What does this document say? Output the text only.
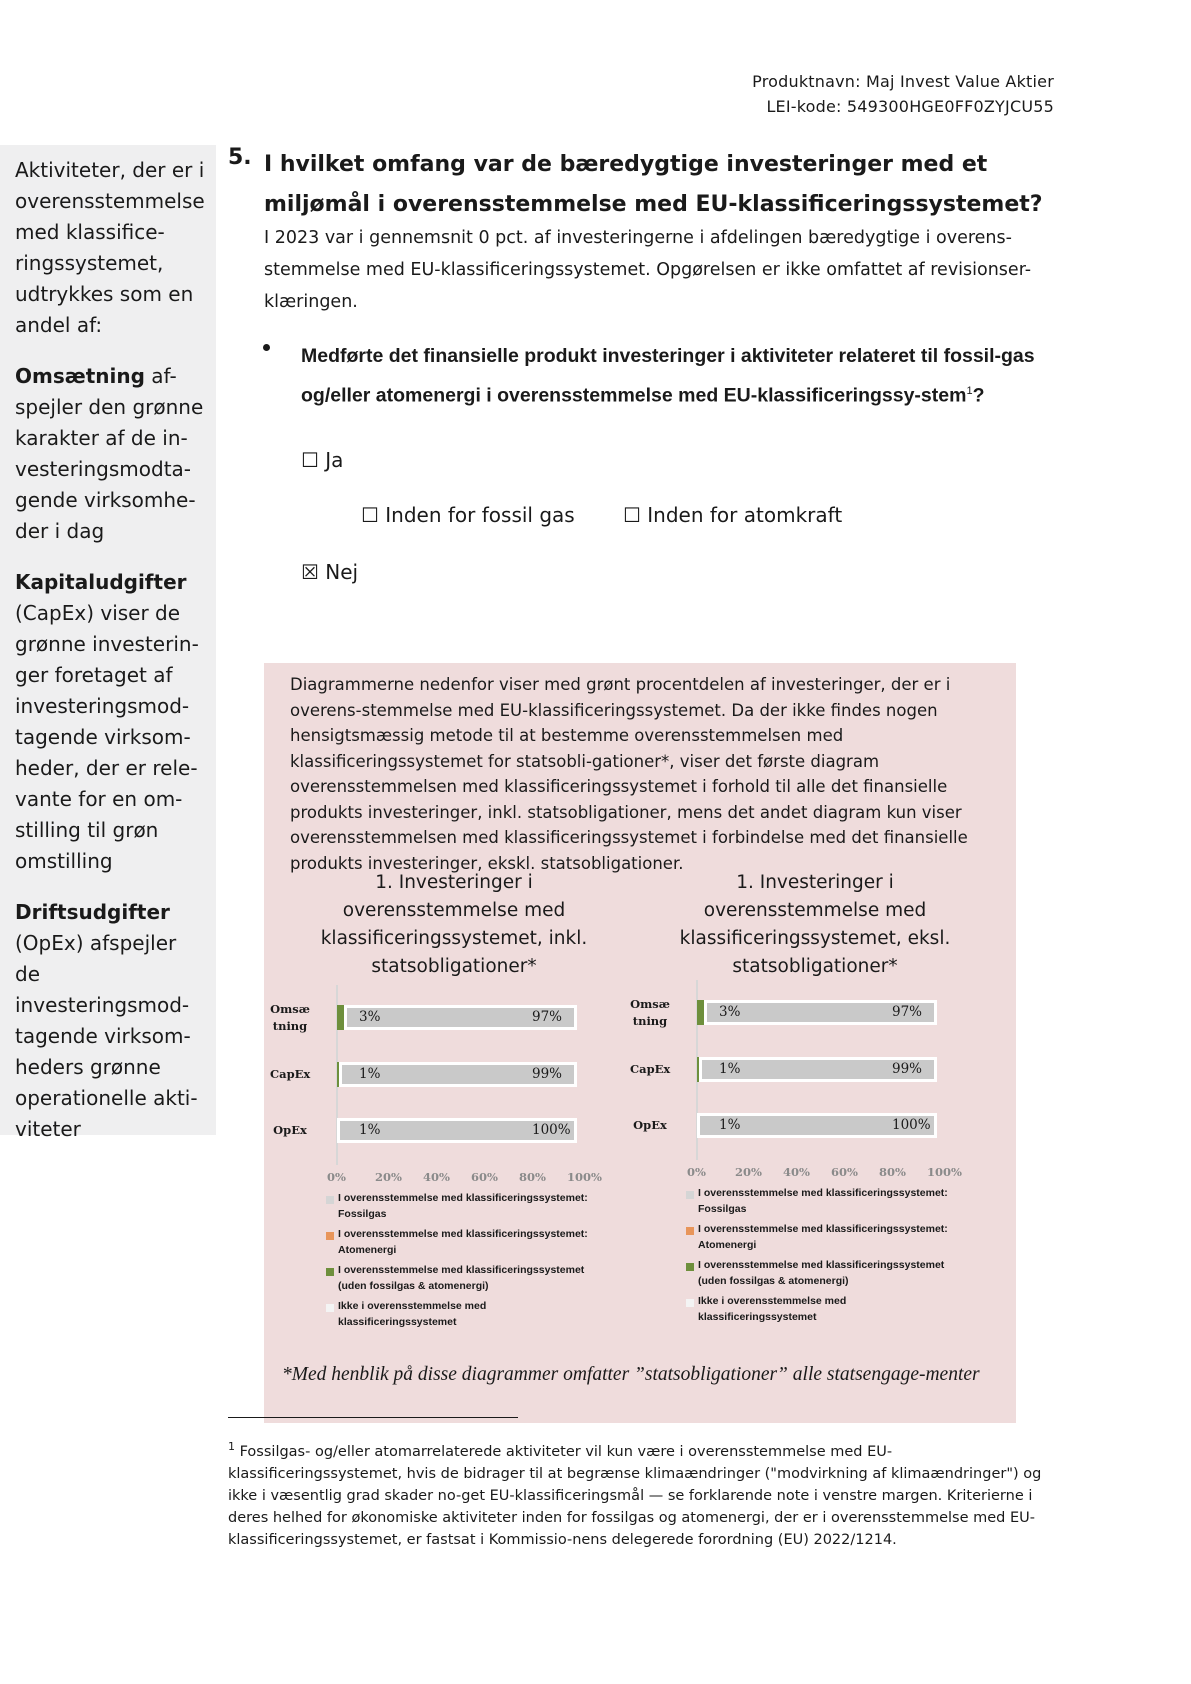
Produktnavn: Maj Invest Value Aktier
LEI-kode: 549300HGE0FF0ZYJCU55

Aktiviteter, der er i overensstemmelse med klassifice-ringssystemet, udtrykkes som en andel af:

Omsætning af-spejler den grønne karakter af de in-vesteringsmodta-gende virksomhe-der i dag

Kapitaludgifter (CapEx) viser de grønne investerin-ger foretaget af investeringsmod-tagende virksom-heder, der er rele-vante for en om-stilling til grøn omstilling

Driftsudgifter (OpEx) afspejler de investeringsmod-tagende virksom-heders grønne operationelle akti-viteter

5. I hvilket omfang var de bæredygtige investeringer med et miljømål i overensstemmelse med EU-klassificeringssystemet?
I 2023 var i gennemsnit 0 pct. af investeringerne i afdelingen bæredygtige i overens-stemmelse med EU-klassificeringssystemet. Opgørelsen er ikke omfattet af revisionser-klæringen.
Medførte det finansielle produkt investeringer i aktiviteter relateret til fossil-gas og/eller atomenergi i overensstemmelse med EU-klassificeringssy-stem$^1$?
☐ Ja
☐ Inden for fossil gas ☐ Inden for atomkraft
☒ Nej
Diagrammerne nedenfor viser med grønt procentdelen af investeringer, der er i overens-stemmelse med EU-klassificeringssystemet. Da der ikke findes nogen hensigtsmæssig metode til at bestemme overensstemmelsen med klassificeringssystemet for statsobli-gationer*, viser det første diagram overensstemmelsen med klassificeringssystemet i forhold til alle det finansielle produkts investeringer, inkl. statsobligationer, mens det andet diagram kun viser overensstemmelsen med klassificeringssystemet i forbindelse med det finansielle produkts investeringer, ekskl. statsobligationer.
1. Investeringer i overensstemmelse med klassificeringssystemet, inkl. statsobligationer*
Omsæ
tning
3%	97%
CapEx	1%	99%
OpEx	1%	100%
0%	20% 40% 60% 80% 100%
1. Investeringer i overensstemmelse med klassificeringssystemet, eksl. statsobligationer*
Omsæ
tning
3%	97%
CapEx	1%	99%
OpEx	1%	100%
0%	20% 40% 60% 80% 100%
I overensstemmelse med klassificeringssystemet: Fossilgas
I overensstemmelse med klassificeringssystemet: Atomenergi
I overensstemmelse med klassificeringssystemet (uden fossilgas & atomenergi)
Ikke i overensstemmelse med klassificeringssystemet
I overensstemmelse med klassificeringssystemet: Fossilgas
I overensstemmelse med klassificeringssystemet: Atomenergi
I overensstemmelse med klassificeringssystemet (uden fossilgas & atomenergi)
Ikke i overensstemmelse med klassificeringssystemet
*Med henblik på disse diagrammer omfatter ”statsobligationer” alle statsengage-menter
$^1$ Fossilgas- og/eller atomarrelaterede aktiviteter vil kun være i overensstemmelse med EU-klassificeringssystemet, hvis de bidrager til at begrænse klimaændringer ("modvirkning af klimaændringer") og ikke i væsentlig grad skader no-get EU-klassificeringsmål — se forklarende note i venstre margen. Kriterierne i deres helhed for økonomiske aktiviteter inden for fossilgas og atomenergi, der er i overensstemmelse med EU-klassificeringssystemet, er fastsat i Kommissio-nens delegerede forordning (EU) 2022/1214.
